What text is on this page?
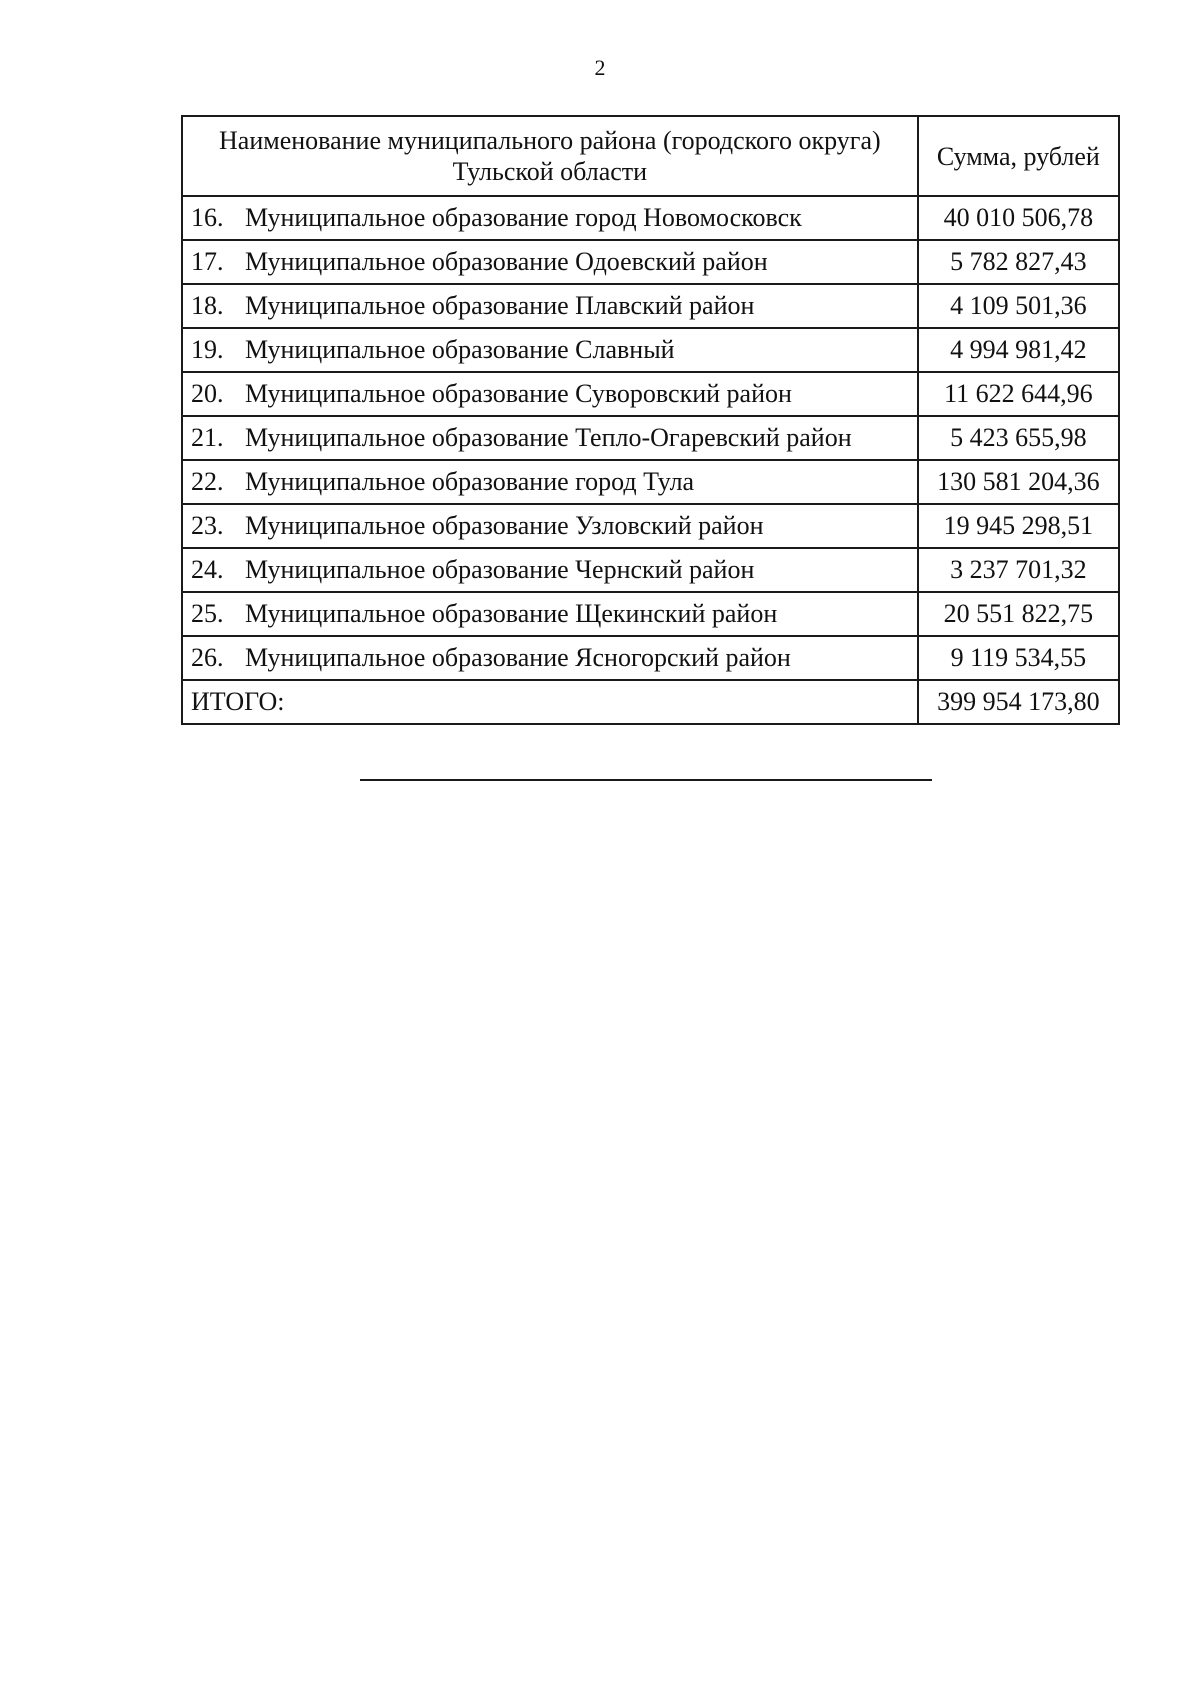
2
Наименование муниципального района (городского округа) Тульской области	Сумма, рублей
16. Муниципальное образование город Новомосковск	40 010 506,78
17. Муниципальное образование Одоевский район	5 782 827,43
18. Муниципальное образование Плавский район	4 109 501,36
19. Муниципальное образование Славный	4 994 981,42
20. Муниципальное образование Суворовский район	11 622 644,96
21. Муниципальное образование Тепло-Огаревский район	5 423 655,98
22. Муниципальное образование город Тула	130 581 204,36
23. Муниципальное образование Узловский район	19 945 298,51
24. Муниципальное образование Чернский район	3 237 701,32
25. Муниципальное образование Щекинский район	20 551 822,75
26. Муниципальное образование Ясногорский район	9 119 534,55
ИТОГО:	399 954 173,80
